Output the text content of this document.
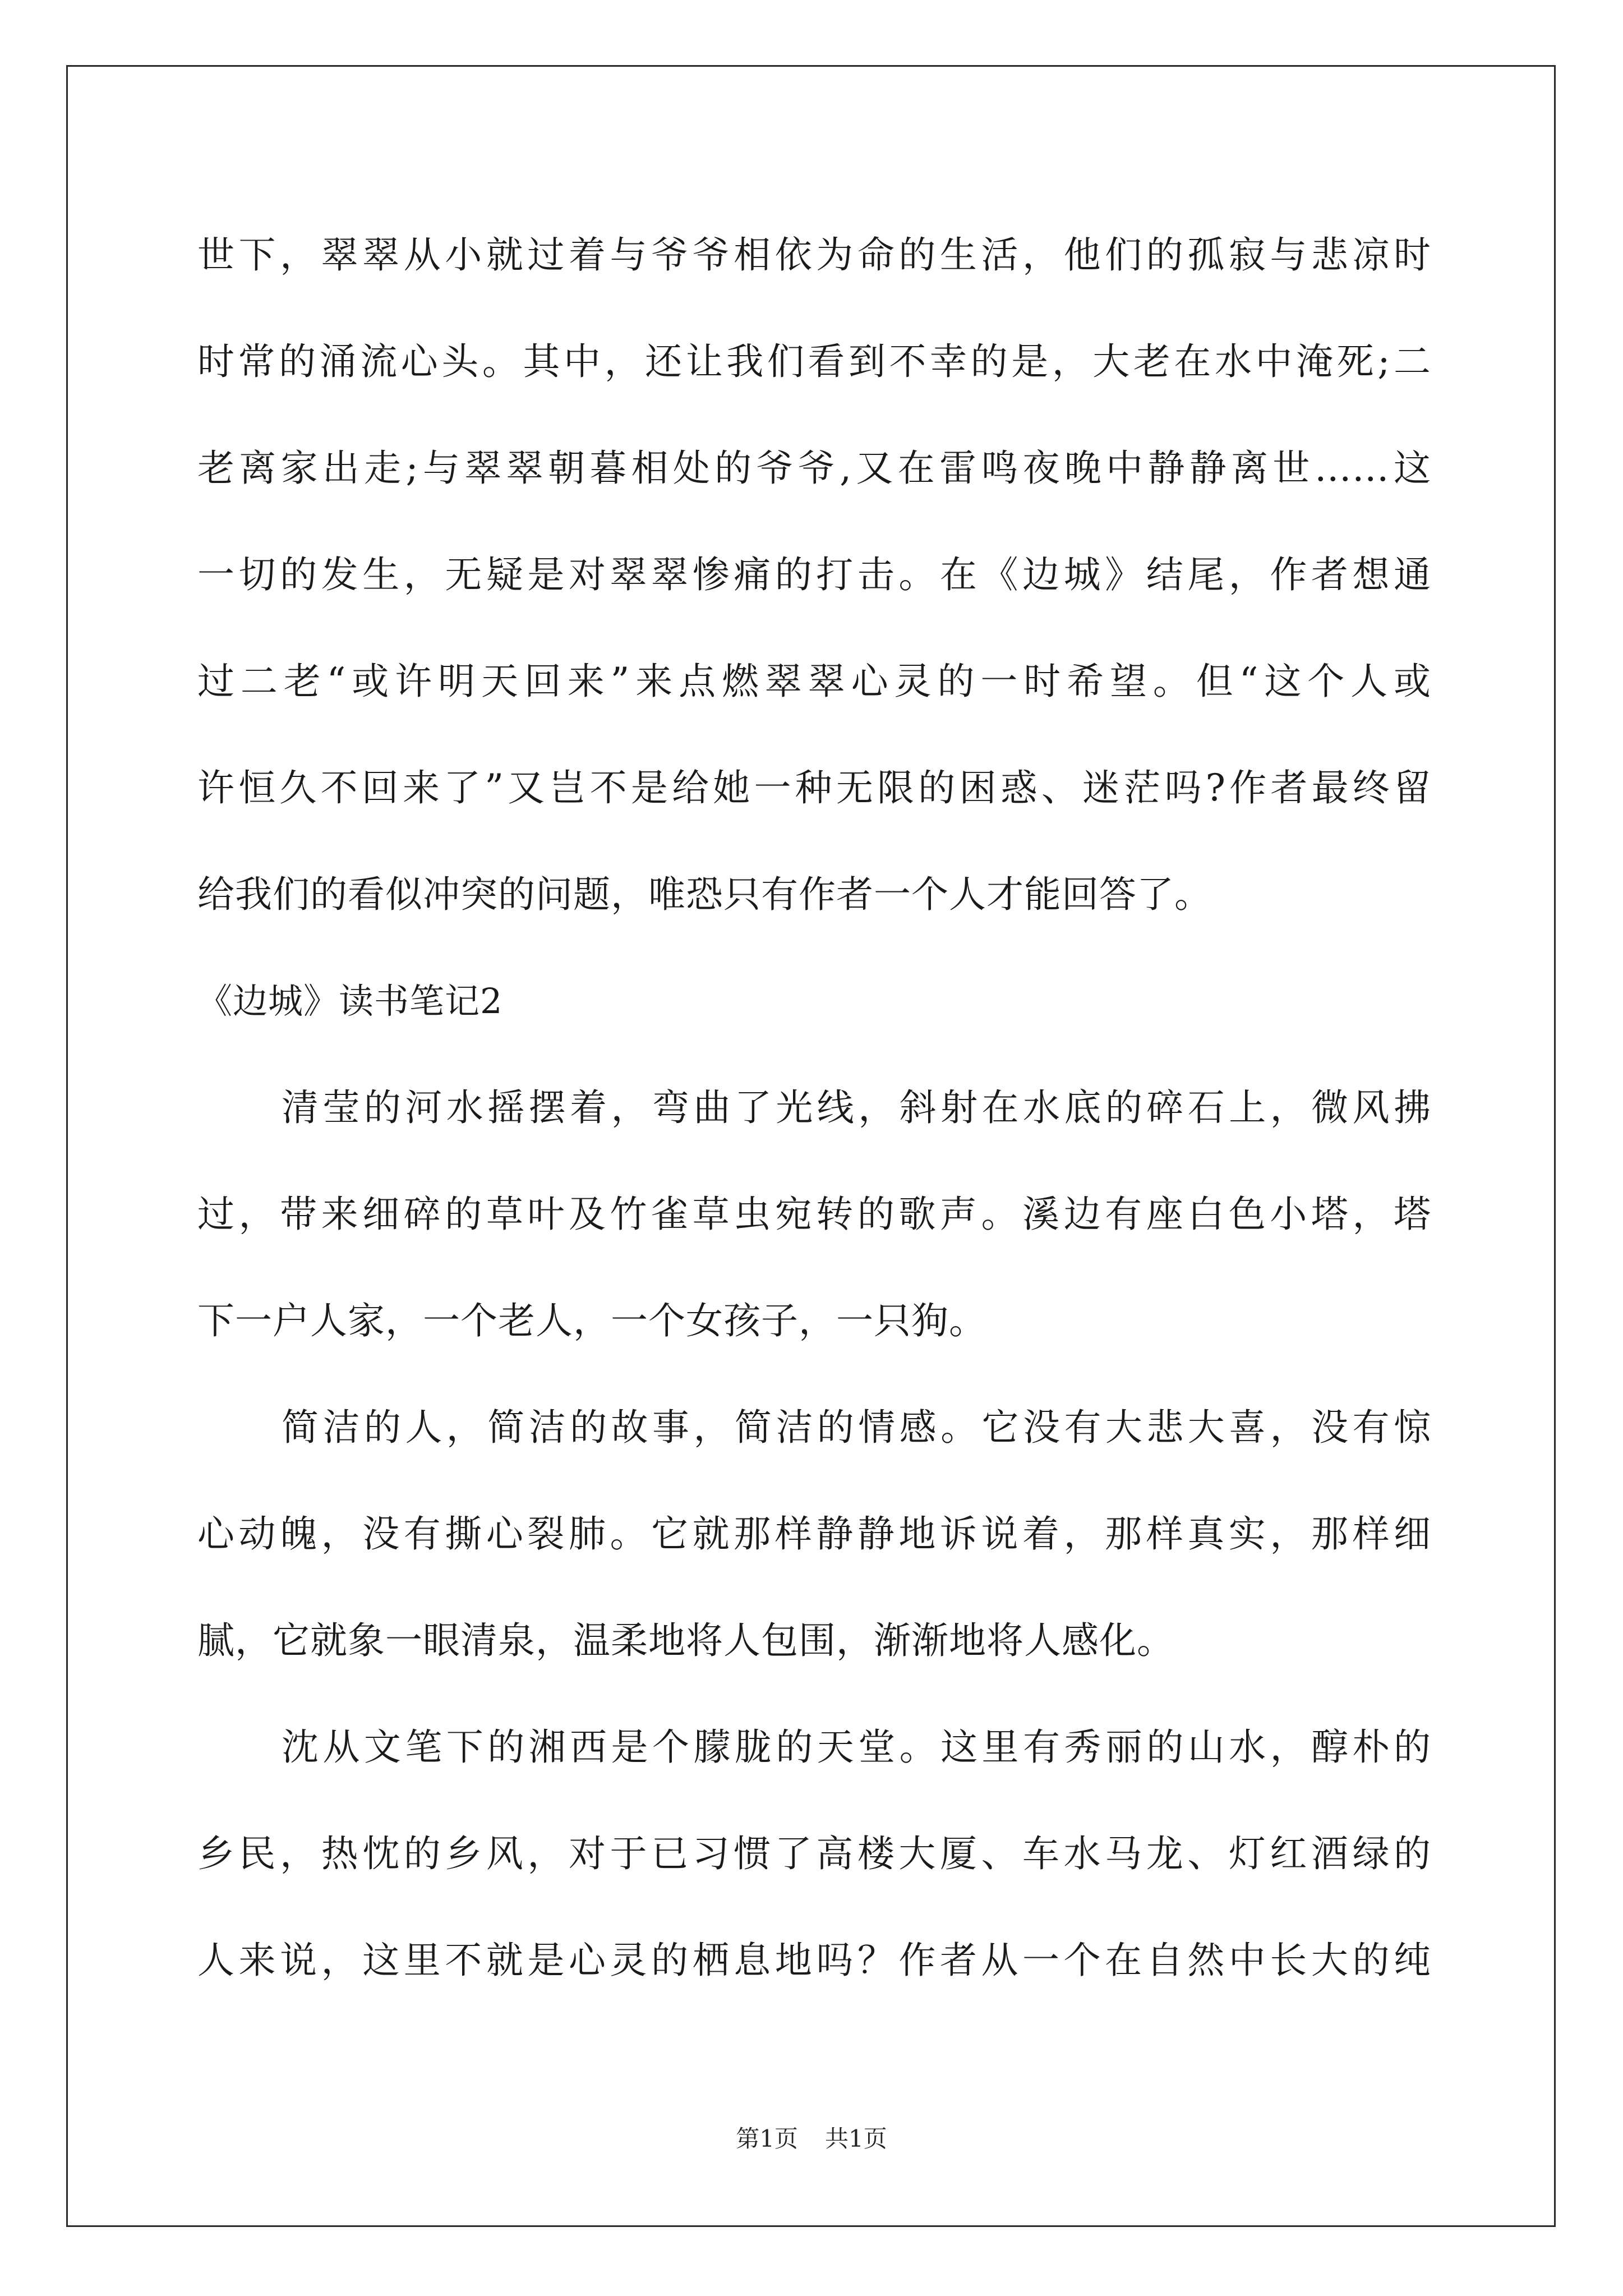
世下，翠翠从小就过着与爷爷相依为命的生活，他们的孤寂与悲凉时
时常的涌流心头。其中，还让我们看到不幸的是，大老在水中淹死;二
老离家出走;与翠翠朝暮相处的爷爷,又在雷鸣夜晚中静静离世……这
一切的发生，无疑是对翠翠惨痛的打击。在《边城》结尾，作者想通
过二老“或许明天回来”来点燃翠翠心灵的一时希望。但“这个人或
许恒久不回来了”又岂不是给她一种无限的困惑、迷茫吗?作者最终留
给我们的看似冲突的问题，唯恐只有作者一个人才能回答了。
《边城》读书笔记2
清莹的河水摇摆着，弯曲了光线，斜射在水底的碎石上，微风拂
过，带来细碎的草叶及竹雀草虫宛转的歌声。溪边有座白色小塔，塔
下一户人家，一个老人，一个女孩子，一只狗。
简洁的人，简洁的故事，简洁的情感。它没有大悲大喜，没有惊
心动魄，没有撕心裂肺。它就那样静静地诉说着，那样真实，那样细
腻，它就象一眼清泉，温柔地将人包围，渐渐地将人感化。
沈从文笔下的湘西是个朦胧的天堂。这里有秀丽的山水，醇朴的
乡民，热忱的乡风，对于已习惯了高楼大厦、车水马龙、灯红酒绿的
人来说，这里不就是心灵的栖息地吗？作者从一个在自然中长大的纯
第1页 共1页
